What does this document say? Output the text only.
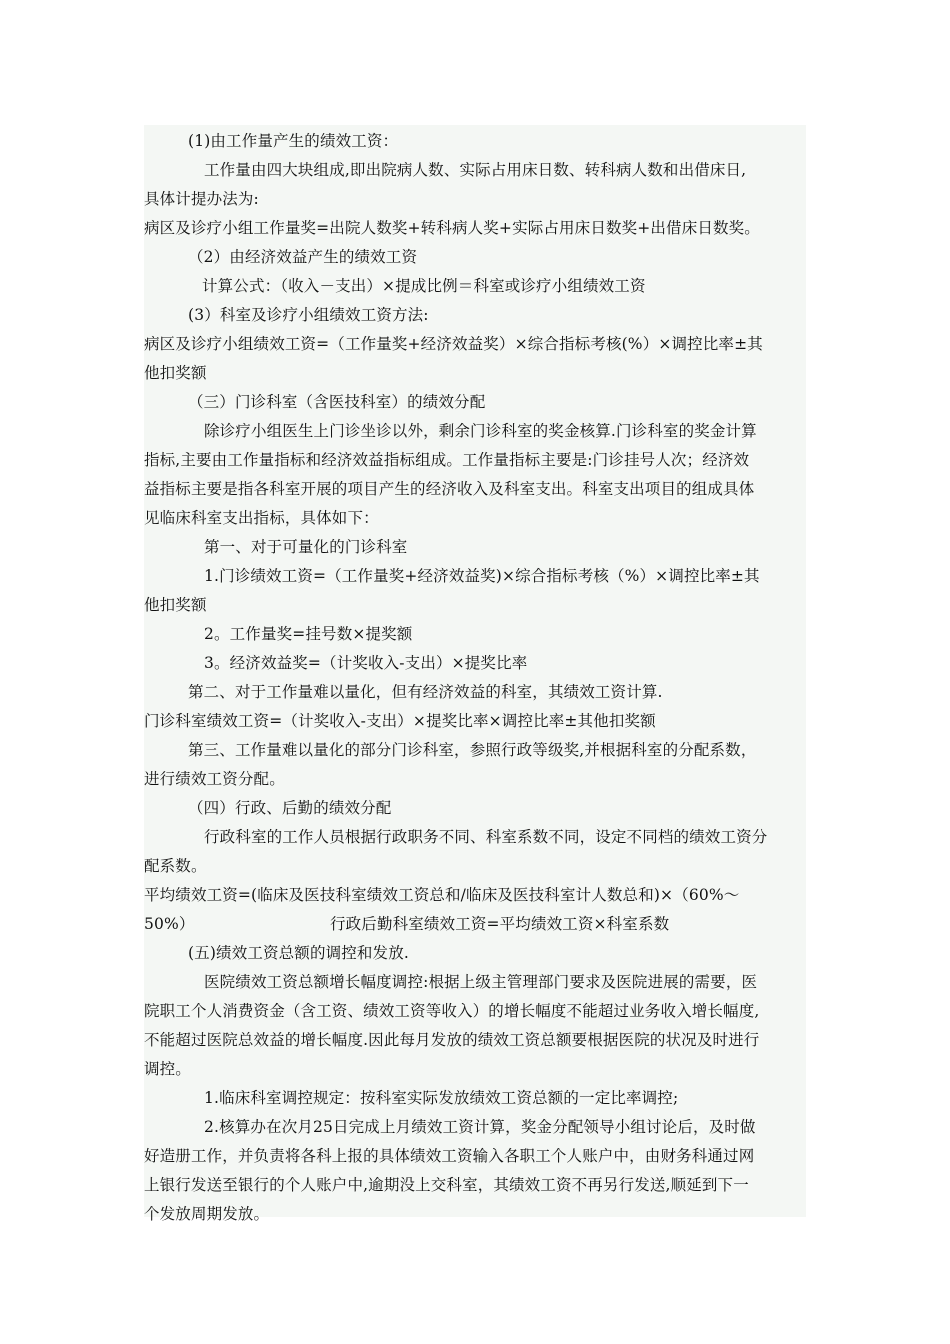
(1)由工作量产生的绩效工资：
工作量由四大块组成,即出院病人数、实际占用床日数、转科病人数和出借床日,
具体计提办法为:
病区及诊疗小组工作量奖=出院人数奖+转科病人奖+实际占用床日数奖+出借床日数奖。
（2）由经济效益产生的绩效工资
计算公式：（收入－支出）×提成比例＝科室或诊疗小组绩效工资
(3）科室及诊疗小组绩效工资方法:
病区及诊疗小组绩效工资=（工作量奖+经济效益奖）×综合指标考核(%）×调控比率±其
他扣奖额
（三）门诊科室（含医技科室）的绩效分配
除诊疗小组医生上门诊坐诊以外，剩余门诊科室的奖金核算.门诊科室的奖金计算
指标,主要由工作量指标和经济效益指标组成。工作量指标主要是:门诊挂号人次；经济效
益指标主要是指各科室开展的项目产生的经济收入及科室支出。科室支出项目的组成具体
见临床科室支出指标，具体如下：
第一、对于可量化的门诊科室
1.门诊绩效工资=（工作量奖+经济效益奖)×综合指标考核（%）×调控比率±其
他扣奖额
2。工作量奖=挂号数×提奖额
3。经济效益奖=（计奖收入-支出）×提奖比率
第二、对于工作量难以量化，但有经济效益的科室，其绩效工资计算.
门诊科室绩效工资=（计奖收入-支出）×提奖比率×调控比率±其他扣奖额
第三、工作量难以量化的部分门诊科室，参照行政等级奖,并根据科室的分配系数，
进行绩效工资分配。
（四）行政、后勤的绩效分配
行政科室的工作人员根据行政职务不同、科室系数不同，设定不同档的绩效工资分
配系数。
平均绩效工资=(临床及医技科室绩效工资总和/临床及医技科室计人数总和)×（60%～
50%）	行政后勤科室绩效工资=平均绩效工资×科室系数
(五)绩效工资总额的调控和发放.
医院绩效工资总额增长幅度调控:根据上级主管理部门要求及医院进展的需要，医
院职工个人消费资金（含工资、绩效工资等收入）的增长幅度不能超过业务收入增长幅度,
不能超过医院总效益的增长幅度.因此每月发放的绩效工资总额要根据医院的状况及时进行
调控。
1.临床科室调控规定：按科室实际发放绩效工资总额的一定比率调控;
2.核算办在次月25日完成上月绩效工资计算，奖金分配领导小组讨论后，及时做
好造册工作，并负责将各科上报的具体绩效工资输入各职工个人账户中，由财务科通过网
上银行发送至银行的个人账户中,逾期没上交科室，其绩效工资不再另行发送,顺延到下一
个发放周期发放。
